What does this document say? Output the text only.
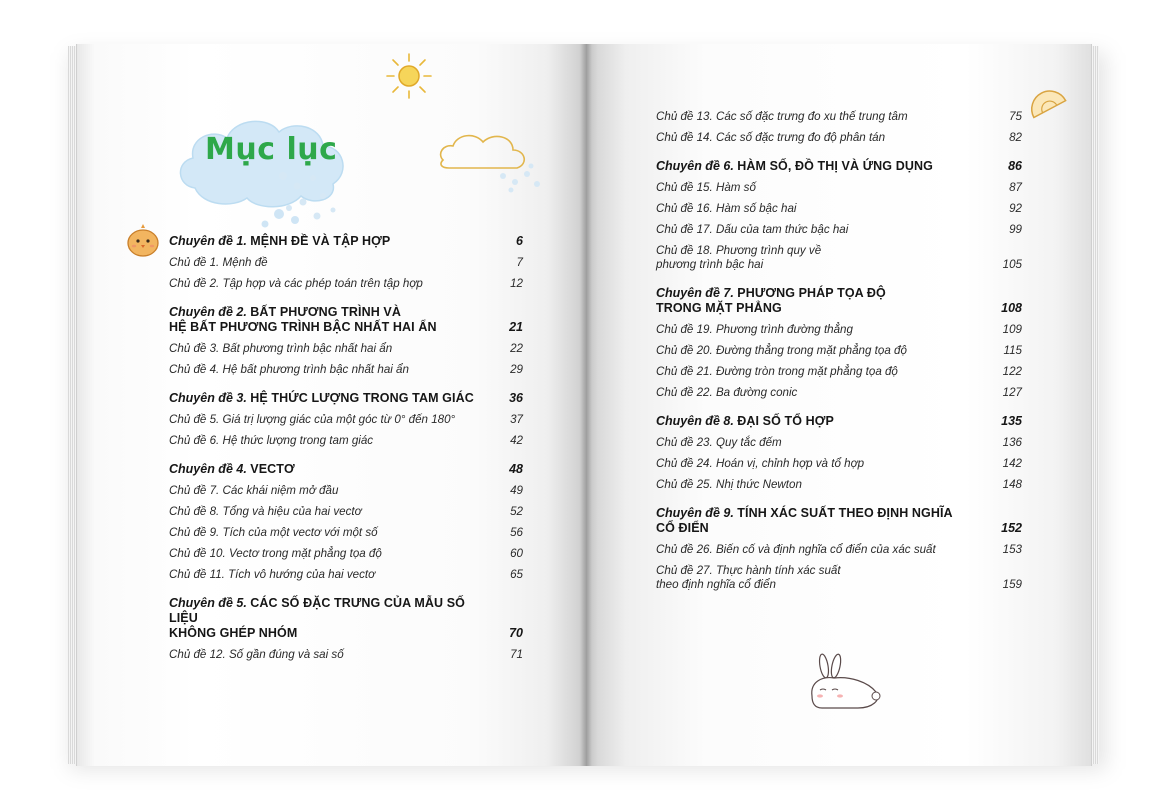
Mục lục
Chuyên đề 1. MỆNH ĐỀ VÀ TẬP HỢP	6
Chủ đề 1. Mệnh đề	7
Chủ đề 2. Tập hợp và các phép toán trên tập hợp	12
Chuyên đề 2. BẤT PHƯƠNG TRÌNH VÀ
HỆ BẤT PHƯƠNG TRÌNH BẬC NHẤT HAI ẨN	21
Chủ đề 3. Bất phương trình bậc nhất hai ẩn	22
Chủ đề 4. Hệ bất phương trình bậc nhất hai ẩn	29
Chuyên đề 3. HỆ THỨC LƯỢNG TRONG TAM GIÁC	36
Chủ đề 5. Giá trị lượng giác của một góc từ 0° đến 180°	37
Chủ đề 6. Hệ thức lượng trong tam giác	42
Chuyên đề 4. VECTƠ	48
Chủ đề 7. Các khái niệm mở đầu	49
Chủ đề 8. Tổng và hiệu của hai vectơ	52
Chủ đề 9. Tích của một vectơ với một số	56
Chủ đề 10. Vectơ trong mặt phẳng tọa độ	60
Chủ đề 11. Tích vô hướng của hai vectơ	65
Chuyên đề 5. CÁC SỐ ĐẶC TRƯNG CỦA MẪU SỐ LIỆU
KHÔNG GHÉP NHÓM	70
Chủ đề 12. Số gần đúng và sai số	71
Chủ đề 13. Các số đặc trưng đo xu thế trung tâm	75
Chủ đề 14. Các số đặc trưng đo độ phân tán	82
Chuyên đề 6. HÀM SỐ, ĐỒ THỊ VÀ ỨNG DỤNG	86
Chủ đề 15. Hàm số	87
Chủ đề 16. Hàm số bậc hai	92
Chủ đề 17. Dấu của tam thức bậc hai	99
Chủ đề 18. Phương trình quy về
phương trình bậc hai	105
Chuyên đề 7. PHƯƠNG PHÁP TỌA ĐỘ
TRONG MẶT PHẲNG	108
Chủ đề 19. Phương trình đường thẳng	109
Chủ đề 20. Đường thẳng trong mặt phẳng tọa độ	115
Chủ đề 21. Đường tròn trong mặt phẳng tọa độ	122
Chủ đề 22. Ba đường conic	127
Chuyên đề 8. ĐẠI SỐ TỔ HỢP	135
Chủ đề 23. Quy tắc đếm	136
Chủ đề 24. Hoán vị, chỉnh hợp và tổ hợp	142
Chủ đề 25. Nhị thức Newton	148
Chuyên đề 9. TÍNH XÁC SUẤT THEO ĐỊNH NGHĨA
CỔ ĐIỂN	152
Chủ đề 26. Biến cố và định nghĩa cổ điển của xác suất	153
Chủ đề 27. Thực hành tính xác suất
theo định nghĩa cổ điển	159
